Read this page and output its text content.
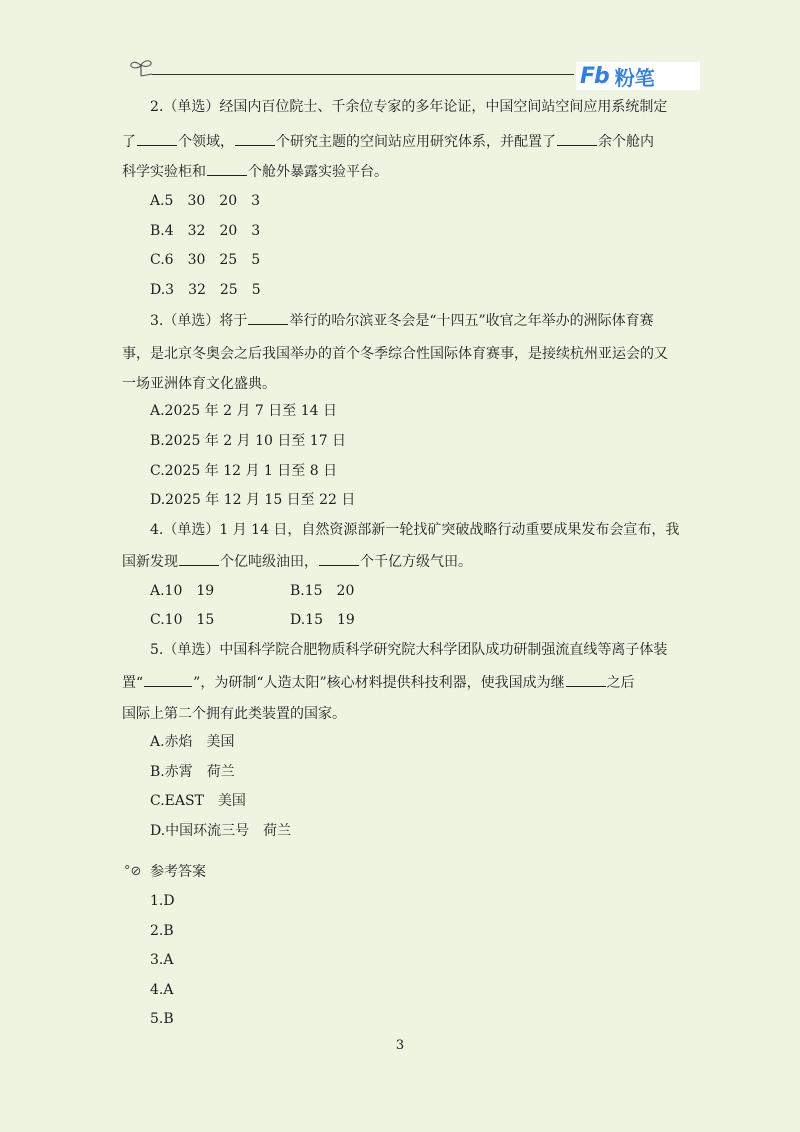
Fb 粉笔
2.（单选）经国内百位院士、千余位专家的多年论证，中国空间站空间应用系统制定
了	个领域，	个研究主题的空间站应用研究体系，并配置了	余个舱内
科学实验柜和	个舱外暴露实验平台。
A.5　30　20　3
B.4　32　20　3
C.6　30　25　5
D.3　32　25　5
3.（单选）将于	举行的哈尔滨亚冬会是“十四五”收官之年举办的洲际体育赛
事，是北京冬奥会之后我国举办的首个冬季综合性国际体育赛事，是接续杭州亚运会的又
一场亚洲体育文化盛典。
A.2025 年 2 月 7 日至 14 日
B.2025 年 2 月 10 日至 17 日
C.2025 年 12 月 1 日至 8 日
D.2025 年 12 月 15 日至 22 日
4.（单选）1 月 14 日，自然资源部新一轮找矿突破战略行动重要成果发布会宣布，我
国新发现	个亿吨级油田，	个千亿方级气田。
A.10　19	B.15　20
C.10　15	D.15　19
5.（单选）中国科学院合肥物质科学研究院大科学团队成功研制强流直线等离子体装
置“	”，为研制“人造太阳”核心材料提供科技利器，使我国成为继	之后
国际上第二个拥有此类装置的国家。
A.赤焰　美国
B.赤霄　荷兰
C.EAST　美国
D.中国环流三号　荷兰
°⊘ 参考答案
1.D
2.B
3.A
4.A
5.B
3
